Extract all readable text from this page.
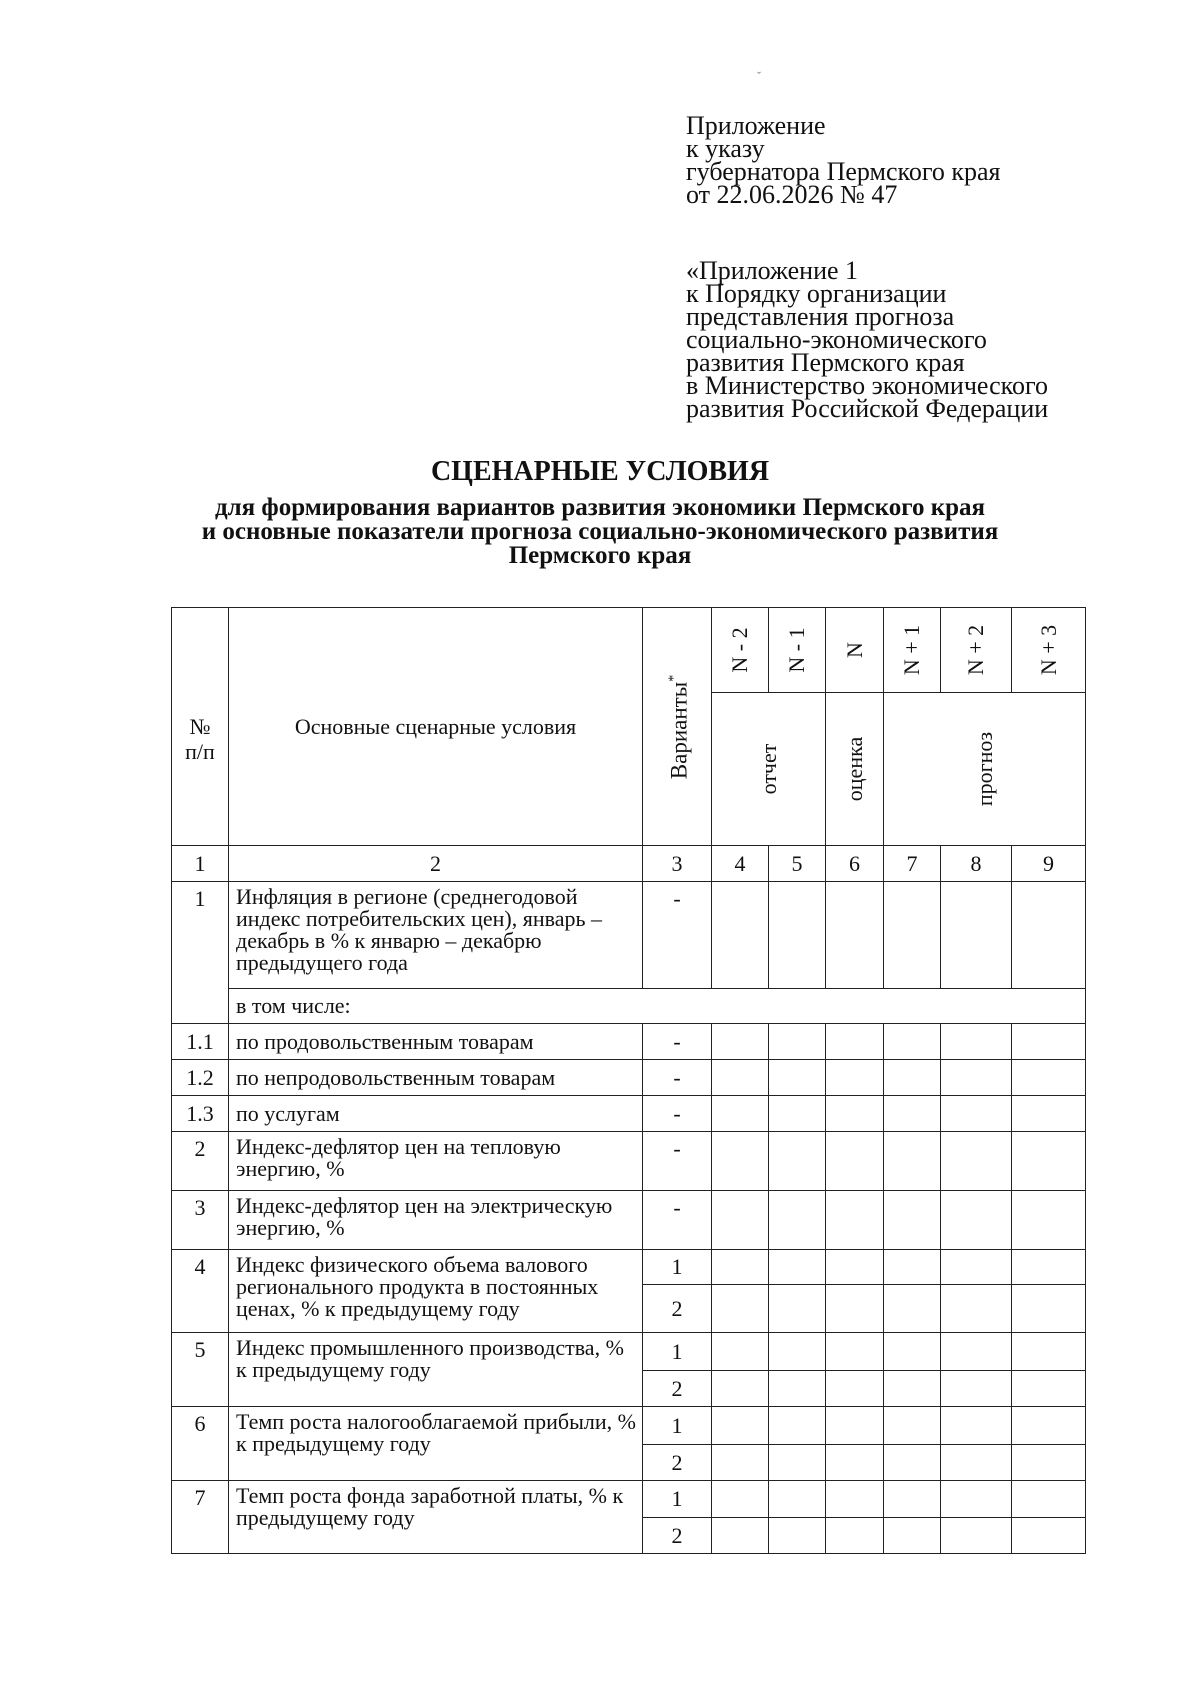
ˇ
Приложение
к указу
губернатора Пермского края
от 22.06.2026 № 47
«Приложение 1
к Порядку организации
представления прогноза
социально-экономического
развития Пермского края
в Министерство экономического
развития Российской Федерации
СЦЕНАРНЫЕ УСЛОВИЯ
для формирования вариантов развития экономики Пермского края
и основные показатели прогноза социально-экономического развития
Пермского края
№ п/п	Основные сценарные условия	Варианты*	N - 2	N - 1	N	N + 1	N + 2	N + 3

			отчет		оценка	прогноз		

1	2	3	4	5	6	7	8	9
1	Инфляция в регионе (среднегодовой индекс потребительских цен), январь – декабрь в % к январю – декабрю предыдущего года	-						
	в том числе:							
1.1	по продовольственным товарам	-						
1.2	по непродовольственным товарам	-						
1.3	по услугам	-						
2	Индекс-дефлятор цен на тепловую энергию, %	-						
3	Индекс-дефлятор цен на электрическую энергию, %	-						
4	Индекс физического объема валового регионального продукта в постоянных ценах, % к предыдущему году	1						
		2						
5	Индекс промышленного производства, % к предыдущему году	1						
		2						
6	Темп роста налогооблагаемой прибыли, % к предыдущему году	1						
		2						
7	Темп роста фонда заработной платы, % к предыдущему году	1						
		2						
